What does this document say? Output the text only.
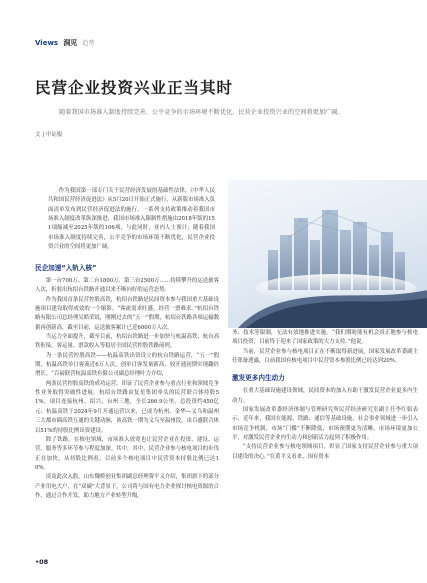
Views 洞见 趋势
民营企业投资兴业正当其时
随着我国市场准入制度持续完善、公平竞争的市场环境不断优化，民营企业投资兴业的空间将更加广阔。
文 | 中证报

作为我国第一部专门关于民营经济发展的基础性法律，《中华人民共和国民营经济促进法》从5月20日开始正式施行，从新版市场准入负面清单发布到民营经济促进法的施行，一系列支持政策推动着我国市场准入制度改革纵深推进，我国市场准入限制性措施由2018年版的151项缩减至2025年版的106项，与此同时，业内人士预计，随着我国市场准入制度持续完善，公平竞争的市场环境不断优化，民营企业投资兴业的空间将更加广阔。

民企加速“入轨入核”

第一台700万、第二台1800万、第三台2500万……持续攀升的运送旅客人次，折射出杭绍台铁路开通以来不断向好的运营态势。

作为我国首条民营控股高铁，杭绍台铁路是民间资本参与我国重大基础设施项目建设取得成效的一个缩影。“客流需求旺盛，经营一票难求。”杭绍台铁路有限公司总经理吴皓荣说，刚刚过去的“五一”假期，杭绍台铁路各项运输数据再创新高，截至目前，运送旅客累计已近6000万人次。

当运力全面提升，截至目前，杭绍台铁路进一步加快与杭温高铁、杭台高铁衔接，客运量、票款收入等稳居全国民营控股铁路前列。

为一条民营控股高铁——杭温高铁出资设立的杭台铁路运营，“五一”假期，杭温高铁单日客流近6万人次，创单日客发量新高，较开通初期实现翻倍增长。“百磅联营杭温高铁有限公司副总经理叶力介绍，

两条民营控股高铁的成功运营，印证了民营企业参与重点行业和领域竞争性业务取得突破性进展。杭绍台铁路由复星集团牵头的民营联合体持股51%，项目连接杭州、绍兴、台州三地，全长266.9公里，总投资约450亿元；杭温高铁于2024年9月开通运营以来，已成为杭州、金华—义乌和温州三大都市圈高铁互通的关键动脉，该高铁一期为义乌至温州段，由百盛联合体以51%的持股比例出资建设。

除了铁路，在核电领域，市场准入放宽也让民营企业在投资、建设、运营、服务等多环节参与程度加深。其中，其中，民营企业参与核电项目的步伐正在加快，从持股比例看，目前多个核电项目中民营资本持股比例已达10%。

谈及此次入股，山东魏桥创业集团副总经理费平义介绍，集团旗下的部分产业用电大户，在“双碳”大背景下，公司将与国有电力企业探讨核电资源的合作，通过合作开发，助力地方产业转型升级。

务、技术等限制，无法有效地推进实施。“我们期盼能有机会真正地参与核电项目投资，目前终于迎来了国家政策的大力支持。”他说。

当前，民营企业参与核电项目正在不断取得新进展，国家发展改革委副主任郑备透露，目前我国有核电项目中民营资本参股比例已经达到20%。

激发更多内生动力

在重大基础设施建设领域，民间资本的加入有助于激发民营企业更多内生动力。

国家发展改革委经济体制与管理研究所民营经济研究室副主任李红娟表示，近年来，我国在能源、铁路、通信等基础设施，社会事业领域进一步引入市场竞争机制，市场“门槛”不断降低，市场预期更为清晰，市场环境更加公平，对激发民营企业内生动力和创新活力起到了积极作用。

“支持民营企业参与核电领域项目，彰显了国家支持民营企业参与重大项目建设的决心。”在黄平义看来，国有资本

•08
